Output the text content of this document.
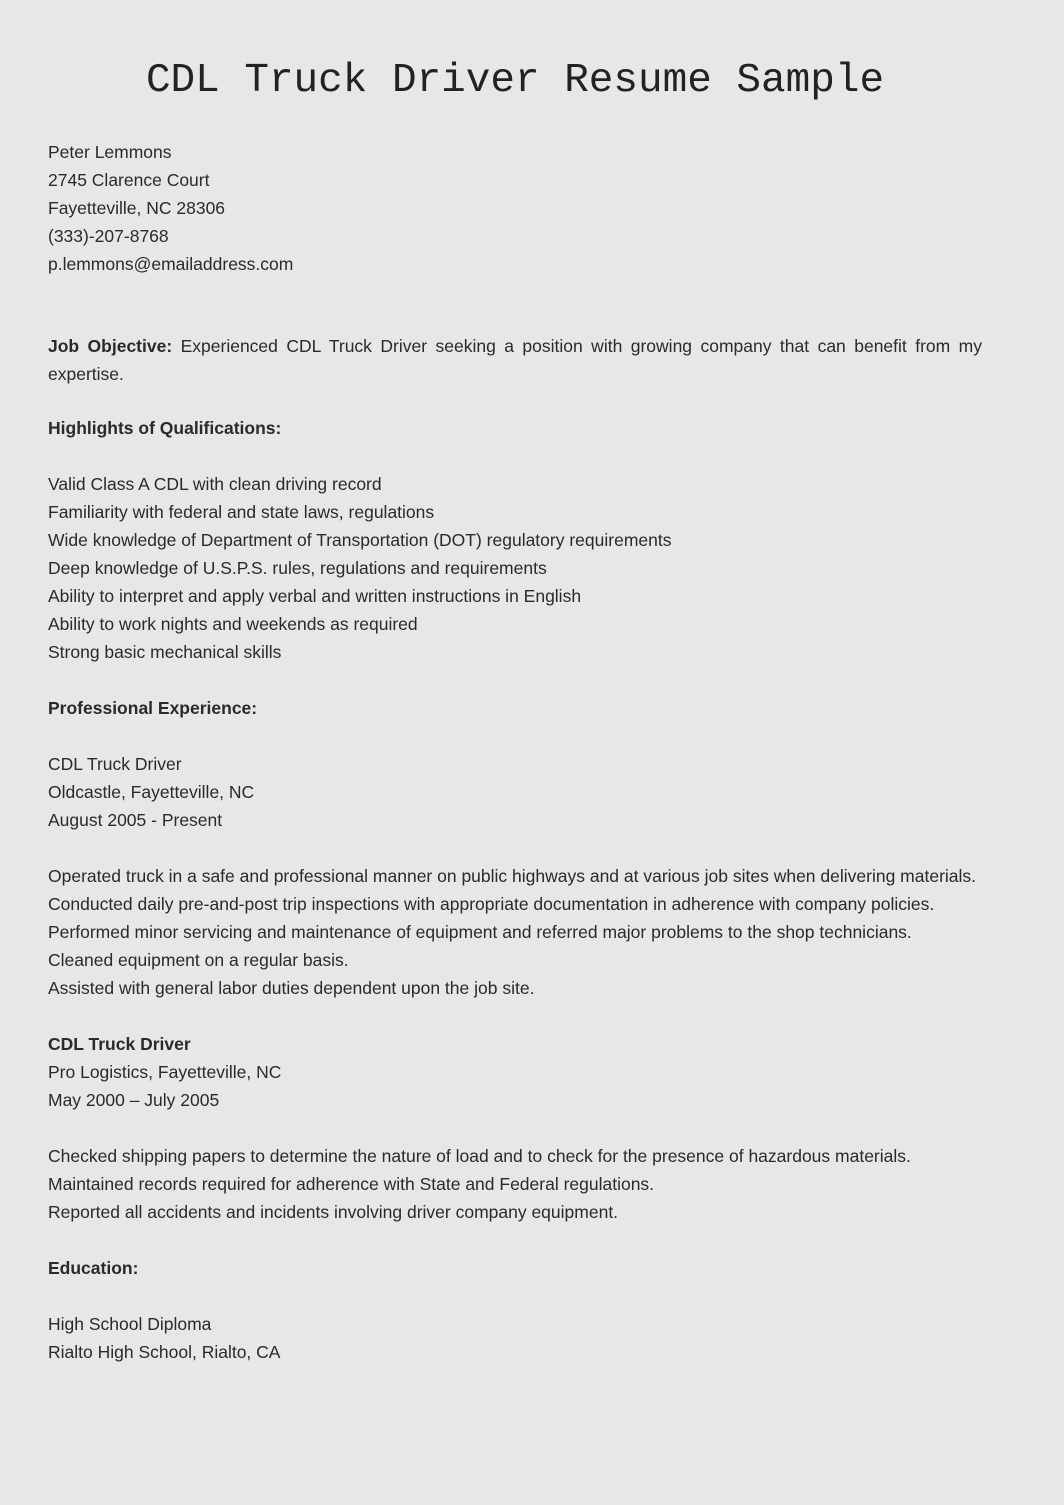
CDL Truck Driver Resume Sample
Peter Lemmons
2745 Clarence Court
Fayetteville, NC 28306
(333)-207-8768
p.lemmons@emailaddress.com
Job Objective: Experienced CDL Truck Driver seeking a position with growing company that can benefit from my expertise.
Highlights of Qualifications:
Valid Class A CDL with clean driving record
Familiarity with federal and state laws, regulations
Wide knowledge of Department of Transportation (DOT) regulatory requirements
Deep knowledge of U.S.P.S. rules, regulations and requirements
Ability to interpret and apply verbal and written instructions in English
Ability to work nights and weekends as required
Strong basic mechanical skills
Professional Experience:
CDL Truck Driver
Oldcastle, Fayetteville, NC
August 2005 - Present
Operated truck in a safe and professional manner on public highways and at various job sites when delivering materials.
Conducted daily pre-and-post trip inspections with appropriate documentation in adherence with company policies.
Performed minor servicing and maintenance of equipment and referred major problems to the shop technicians.
Cleaned equipment on a regular basis.
Assisted with general labor duties dependent upon the job site.
CDL Truck Driver
Pro Logistics, Fayetteville, NC
May 2000 – July 2005
Checked shipping papers to determine the nature of load and to check for the presence of hazardous materials.
Maintained records required for adherence with State and Federal regulations.
Reported all accidents and incidents involving driver company equipment.
Education:
High School Diploma
Rialto High School, Rialto, CA
